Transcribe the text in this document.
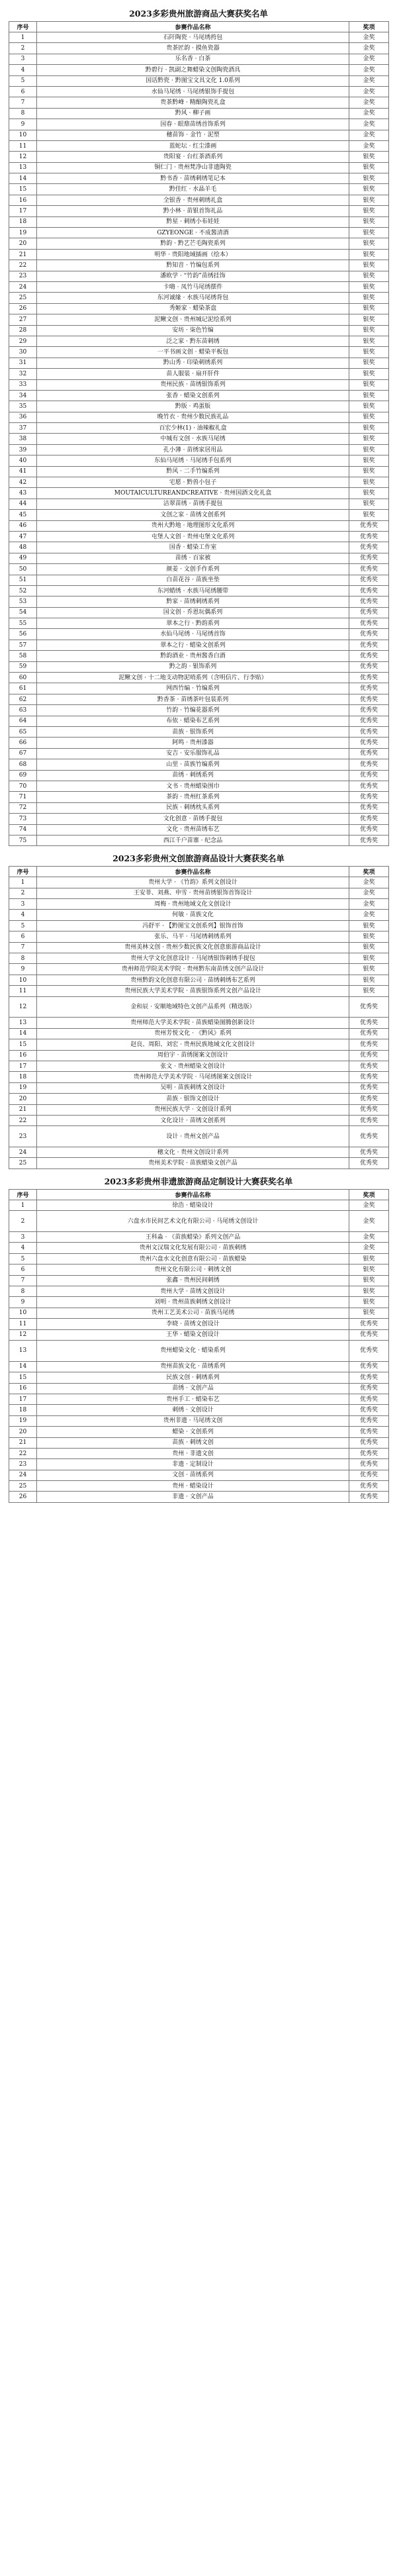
2023多彩贵州旅游商品大赛获奖名单
序号	参赛作品名称	奖项
1	石阡陶瓷 · 马尾绣挎包	金奖
2	贵茶匠韵 · 摸鱼瓷器	金奖
3	乐名香 · 白茶	金奖
4	黔碧行 · 凯副之舞蜡染文创陶瓷酒具	金奖
5	国话黔瓷 · 黔图宝文具文化 1.0系列	金奖
6	水仙马尾绣 · 马尾绣银饰手提包	金奖
7	贵茶黔峰 · 精酿陶瓷礼盒	金奖
8	黔风 · 柳子画	金奖
9	国春 · 眼鼎苗绣首饰系列	金奖
10	穗苗饰 · 金竹 · 泥塑	金奖
11	蓝蛇坛 · 红尘漆画	金奖
12	贵阳宴 · 台红茶酒系列	银奖
13	铜仁门 · 贵州梵净山非遗陶瓷	银奖
14	黔书香 · 苗绣刺绣笔记本	银奖
15	黔佳红 · 水晶羊毛	银奖
16	全银香 · 贵州刺绣礼盒	银奖
17	黔小林 · 苗银首饰礼品	银奖
18	黔星 · 刺绣小布娃娃	银奖
19	GZYEONGE · 不成酱清酒	银奖
20	黔韵 · 黔艺芒毛陶瓷系列	银奖
21	明华 · 贵阳地域插画（绘本）	银奖
22	黔知音 · 竹编包系列	银奖
23	潘欧学 · “竹韵”苗绣挂饰	银奖
24	卡嗨 · 凤竹马尾绣摆件	银奖
25	东河诚缘 · 水族马尾绣背包	银奖
26	秀姬家 · 蜡染茶盘	银奖
27	泥鳅文创 · 贵州城记泥绘系列	银奖
28	安坊 · 柒色竹编	银奖
29	泛之家 · 黔东苗刺绣	银奖
30	一平书画文创 · 蜡染平板包	银奖
31	黔山秀 · 印染刺绣系列	银奖
32	苗人服装 · 扇开肝件	银奖
33	贵州民族 · 苗绣银饰系列	银奖
34	张香 · 蜡染文创系列	银奖
35	黔版 · 鸡蛋版	银奖
36	晚竹衣 · 贵州少数民族礼品	银奖
37	百宏少林(1) · 油辣椒礼盒	银奖
38	中城有文创 · 水族马尾绣	银奖
39	孔小薄 · 苗绣家居用品	银奖
40	东仙马尾绣 · 马尾绣手包系列	银奖
41	黔风 · 二手竹编系列	银奖
42	宅愿 · 黔兽小包子	银奖
43	MOUTAICULTUREANDCREATIVE · 贵州国酒文化礼盒	银奖
44	洁翠苗绣 · 苗绣手提包	银奖
45	文创之家 · 苗绣文创系列	银奖
46	贵州大黔地 · 地理图形文化系列	优秀奖
47	屯堡人文创 · 贵州屯堡文化系列	优秀奖
48	国香 · 蜡染工作室	优秀奖
49	苗绣 · 百家被	优秀奖
50	颜姜 · 文创手作系列	优秀奖
51	白苗花谷 · 苗族坐垫	优秀奖
52	东河蜡绣 · 水族马尾绣腰带	优秀奖
53	黔家 · 苗绣刺绣系列	优秀奖
54	国文创 · 乔恩玩偶系列	优秀奖
55	翠本之行 · 黔韵系列	优秀奖
56	水仙马尾绣 · 马尾绣首饰	优秀奖
57	翠本之行 · 蜡染文创系列	优秀奖
58	黔韵酒业 · 贵州酱香白酒	优秀奖
59	黔之韵 · 银饰系列	优秀奖
60	泥鳅文创 · 十二地支动物泥哨系列（含明信片、行李贴）	优秀奖
61	网西竹编 · 竹编系列	优秀奖
62	黔香茶 · 苗绣茶叶包装系列	优秀奖
63	竹韵 · 竹编花器系列	优秀奖
64	布依 · 蜡染布艺系列	优秀奖
65	苗族 · 银饰系列	优秀奖
66	阿鸣 · 贵州漆器	优秀奖
67	安吉 · 安乐服饰礼品	优秀奖
68	山里 · 苗族竹编系列	优秀奖
69	苗绣 · 刺绣系列	优秀奖
70	文书 · 贵州蜡染围巾	优秀奖
71	茶韵 · 贵州红茶系列	优秀奖
72	民族 · 刺绣枕头系列	优秀奖
73	文化创意 · 苗绣手提包	优秀奖
74	文化 · 贵州苗绣布艺	优秀奖
75	西江千户苗寨 · 纪念品	优秀奖
2023多彩贵州文创旅游商品设计大赛获奖名单
序号	参赛作品名称	奖项
1	贵州大学 · 《竹韵》系列文创设计	金奖
2	王安菲、刘燕、申雪 · 贵州苗绣银饰首饰设计	金奖
3	周梅 · 贵州地域文化文创设计	金奖
4	何敏 · 苗族文化	金奖
5	冯舒平 · 【黔图宝文创系列】银饰首饰	银奖
6	张乐、马平 · 马尾绣刺绣系列	银奖
7	贵州美林文创 · 贵州少数民族文化创意旅游商品设计	银奖
8	贵州大学文化创意设计 · 马尾绣银饰刺绣手提包	银奖
9	贵州师范学院美术学院 · 贵州黔东南苗绣文创产品设计	银奖
10	贵州黔韵文化创意有限公司 · 苗绣刺绣布艺系列	银奖
11	贵州民族大学美术学院 · 苗族银饰系列文创产品设计	银奖
12	金和辰 · 安顺地域特色文创产品系列（精选版）	优秀奖
13	贵州师范大学美术学院 · 苗族蜡染图腾创新设计	优秀奖
14	贵州芳悦文化 · 《黔风》系列	优秀奖
15	赵良、周阳、刘宏 · 贵州民族地域文化文创设计	优秀奖
16	周伯宇 · 苗绣图案文创设计	优秀奖
17	张文 · 贵州蜡染文创设计	优秀奖
18	贵州师范大学美术学院 · 马尾绣图案文创设计	优秀奖
19	吴明 · 苗族刺绣文创设计	优秀奖
20	苗族 · 银饰文创设计	优秀奖
21	贵州民族大学 · 文创设计系列	优秀奖
22	文化设计 · 苗绣文创系列	优秀奖
23	设计 · 贵州文创产品	优秀奖
24	穗文化 · 贵州文创设计系列	优秀奖
25	贵州美术学院 · 苗族蜡染文创产品	优秀奖
2023多彩贵州非遗旅游商品定制设计大赛获奖名单
序号	参赛作品名称	奖项
1	徐浩 · 蜡染设计	金奖
2	六盘水市民间艺术文化有限公司 · 马尾绣文创设计	金奖
3	王科淼 · 《苗族蜡染》系列文创产品	金奖
4	贵州文汉瑞文化发展有限公司 · 苗族刺绣	金奖
5	贵州六盘水文化创意有限公司 · 苗族蜡染	银奖
6	贵州文化有限公司 · 刺绣文创	银奖
7	张鑫 · 贵州民间刺绣	银奖
8	贵州大学 · 苗绣文创设计	银奖
9	刘明 · 贵州苗族刺绣文创设计	银奖
10	贵州工艺美术公司 · 苗族马尾绣	银奖
11	李晓 · 苗绣文创设计	优秀奖
12	王华 · 蜡染文创设计	优秀奖
13	贵州蜡染文化 · 蜡染系列	优秀奖
14	贵州苗族文化 · 苗绣系列	优秀奖
15	民族文创 · 刺绣系列	优秀奖
16	苗绣 · 文创产品	优秀奖
17	贵州手工 · 蜡染布艺	优秀奖
18	刺绣 · 文创设计	优秀奖
19	贵州非遗 · 马尾绣文创	优秀奖
20	蜡染 · 文创系列	优秀奖
21	苗族 · 刺绣文创	优秀奖
22	贵州 · 非遗文创	优秀奖
23	非遗 · 定制设计	优秀奖
24	文创 · 苗绣系列	优秀奖
25	贵州 · 蜡染设计	优秀奖
26	非遗 · 文创产品	优秀奖
